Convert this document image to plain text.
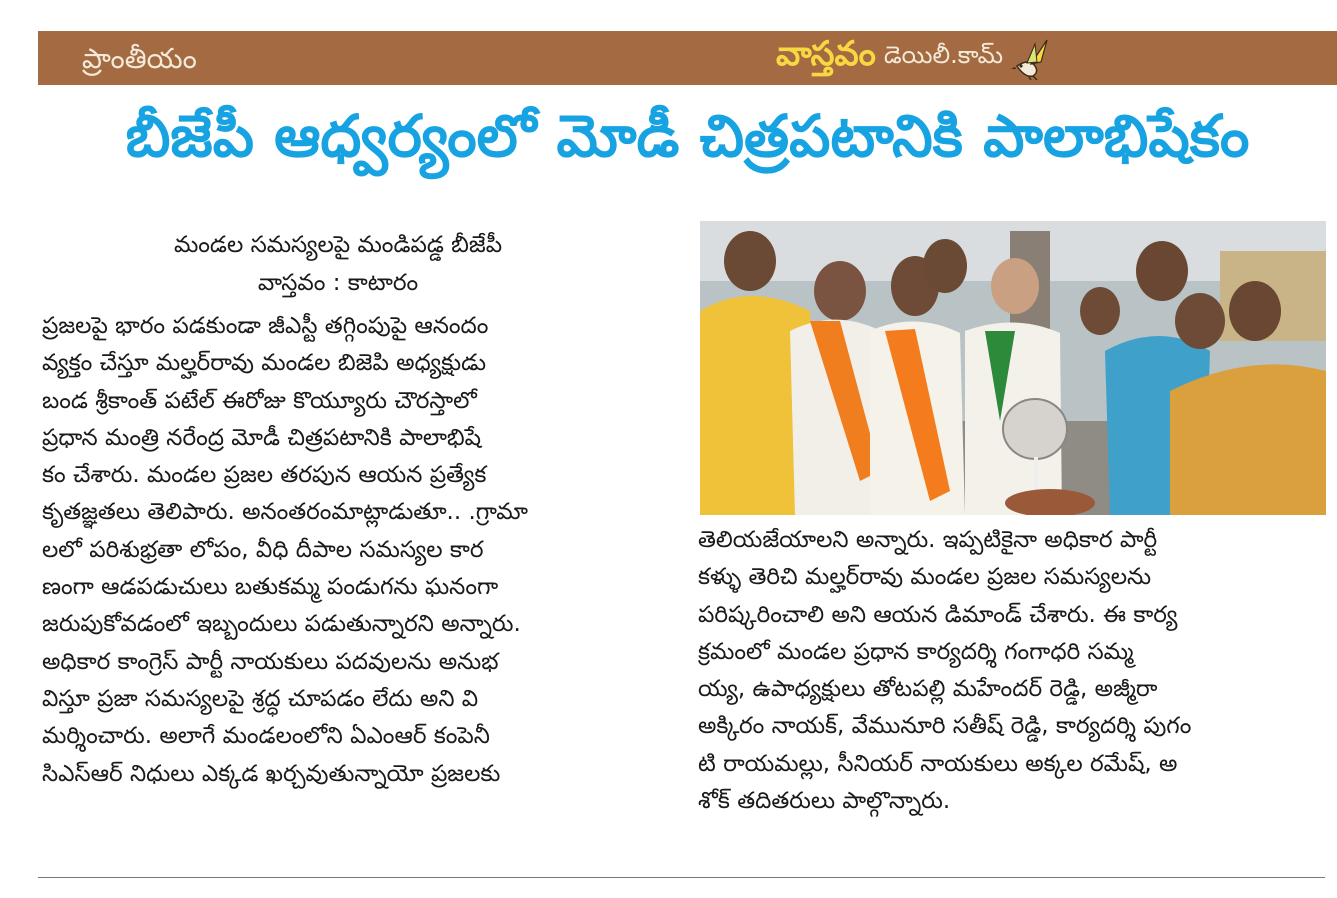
ప్రాంతీయం	వాస్తవం డెయిలీ.కామ్
బీజేపీ ఆధ్వర్యంలో మోడీ చిత్రపటానికి పాలాభిషేకం
మండల సమస్యలపై మండిపడ్డ బీజేపీ
వాస్తవం : కాటారం

ప్రజలపై భారం పడకుండా జీఎస్టీ తగ్గింపుపై ఆనందం

వ్యక్తం చేస్తూ మల్హర్‌రావు మండల బిజెపి అధ్యక్షుడు

బండ శ్రీకాంత్ పటేల్ ఈరోజు కొయ్యూరు చౌరస్తాలో

ప్రధాన మంత్రి నరేంద్ర మోడీ చిత్రపటానికి పాలాభిషే

కం చేశారు. మండల ప్రజల తరపున ఆయన ప్రత్యేక

కృతజ్ఞతలు తెలిపారు. అనంతరంమాట్లాడుతూ.. .గ్రామా

లలో పరిశుభ్రతా లోపం, వీధి దీపాల సమస్యల కార

ణంగా ఆడపడుచులు బతుకమ్మ పండుగను ఘనంగా

జరుపుకోవడంలో ఇబ్బందులు పడుతున్నారని అన్నారు.

అధికార కాంగ్రెస్ పార్టీ నాయకులు పదవులను అనుభ

విస్తూ ప్రజా సమస్యలపై శ్రద్ధ చూపడం లేదు అని వి

మర్శించారు. అలాగే మండలంలోని ఏఎంఆర్ కంపెనీ

సిఎస్ఆర్ నిధులు ఎక్కడ ఖర్చవుతున్నాయో ప్రజలకు

తెలియజేయాలని అన్నారు. ఇప్పటికైనా అధికార పార్టీ

కళ్ళు తెరిచి మల్హర్‌రావు మండల ప్రజల సమస్యలను

పరిష్కరించాలి అని ఆయన డిమాండ్ చేశారు. ఈ కార్య

క్రమంలో మండల ప్రధాన కార్యదర్శి గంగాధరి సమ్మ

య్య, ఉపాధ్యక్షులు తోటపల్లి మహేందర్ రెడ్డి, అజ్మీరా

అక్కిరం నాయక్, వేమునూరి సతీష్ రెడ్డి, కార్యదర్శి పుగం

టి రాయమల్లు, సీనియర్ నాయకులు అక్కల రమేష్, అ

శోక్ తదితరులు పాల్గొన్నారు.
